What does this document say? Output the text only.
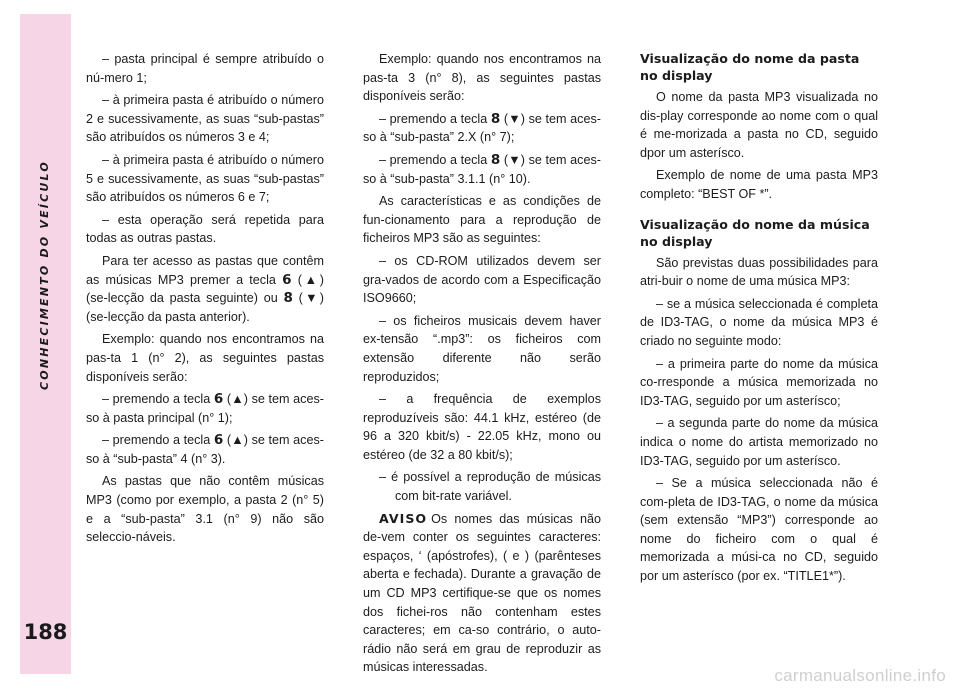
CONHECIMENTO DO VEÍCULO
188

– pasta principal é sempre atribuído o nú-mero 1;

– à primeira pasta é atribuído o número 2 e sucessivamente, as suas “sub-pastas” são atribuídos os números 3 e 4;

– à primeira pasta é atribuído o número 5 e sucessivamente, as suas “sub-pastas” são atribuídos os números 6 e 7;

– esta operação será repetida para todas as outras pastas.

Para ter acesso as pastas que contêm as músicas MP3 premer a tecla 6 (▲) (se-lecção da pasta seguinte) ou 8 (▼) (se-lecção da pasta anterior).

Exemplo: quando nos encontramos na pas-ta 1 (n° 2), as seguintes pastas disponíveis serão:

– premendo a tecla 6 (▲) se tem aces-so à pasta principal (n° 1);

– premendo a tecla 6 (▲) se tem aces-so à “sub-pasta” 4 (n° 3).

As pastas que não contêm músicas MP3 (como por exemplo, a pasta 2 (n° 5) e a “sub-pasta” 3.1 (n° 9) não são seleccio-náveis.

Exemplo: quando nos encontramos na pas-ta 3 (n° 8), as seguintes pastas disponíveis serão:

– premendo a tecla 8 (▼) se tem aces-so à “sub-pasta” 2.X (n° 7);

– premendo a tecla 8 (▼) se tem aces-so à “sub-pasta” 3.1.1 (n° 10).

As características e as condições de fun-cionamento para a reprodução de ficheiros MP3 são as seguintes:

– os CD-ROM utilizados devem ser gra-vados de acordo com a Especificação ISO9660;

– os ficheiros musicais devem haver ex-tensão “.mp3”: os ficheiros com extensão diferente não serão reproduzidos;

– a frequência de exemplos reproduzíveis são: 44.1 kHz, estéreo (de 96 a 320 kbit/s) - 22.05 kHz, mono ou estéreo (de 32 a 80 kbit/s);

– é possível a reprodução de músicas com bit-rate variável.

AVISO Os nomes das músicas não de-vem conter os seguintes caracteres: espaços, ‘ (apóstrofes), ( e ) (parênteses aberta e fechada). Durante a gravação de um CD MP3 certifique-se que os nomes dos fichei-ros não contenham estes caracteres; em ca-so contrário, o auto-rádio não será em grau de reproduzir as músicas interessadas.

Visualização do nome da pasta no display

O nome da pasta MP3 visualizada no dis-play corresponde ao nome com o qual é me-morizada a pasta no CD, seguido dpor um asterísco.

Exemplo de nome de uma pasta MP3 completo: “BEST OF *”.

Visualização do nome da música no display

São previstas duas possibilidades para atri-buir o nome de uma música MP3:

– se a música seleccionada é completa de ID3-TAG, o nome da música MP3 é criado no seguinte modo:

– a primeira parte do nome da música co-rresponde a música memorizada no ID3-TAG, seguido por um asterísco;

– a segunda parte do nome da música indica o nome do artista memorizado no ID3-TAG, seguido por um asterísco.

– Se a música seleccionada não é com-pleta de ID3-TAG, o nome da música (sem extensão “MP3”) corresponde ao nome do ficheiro com o qual é memorizada a músi-ca no CD, seguido por um asterísco (por ex. “TITLE1*”).

carmanualsonline.info
